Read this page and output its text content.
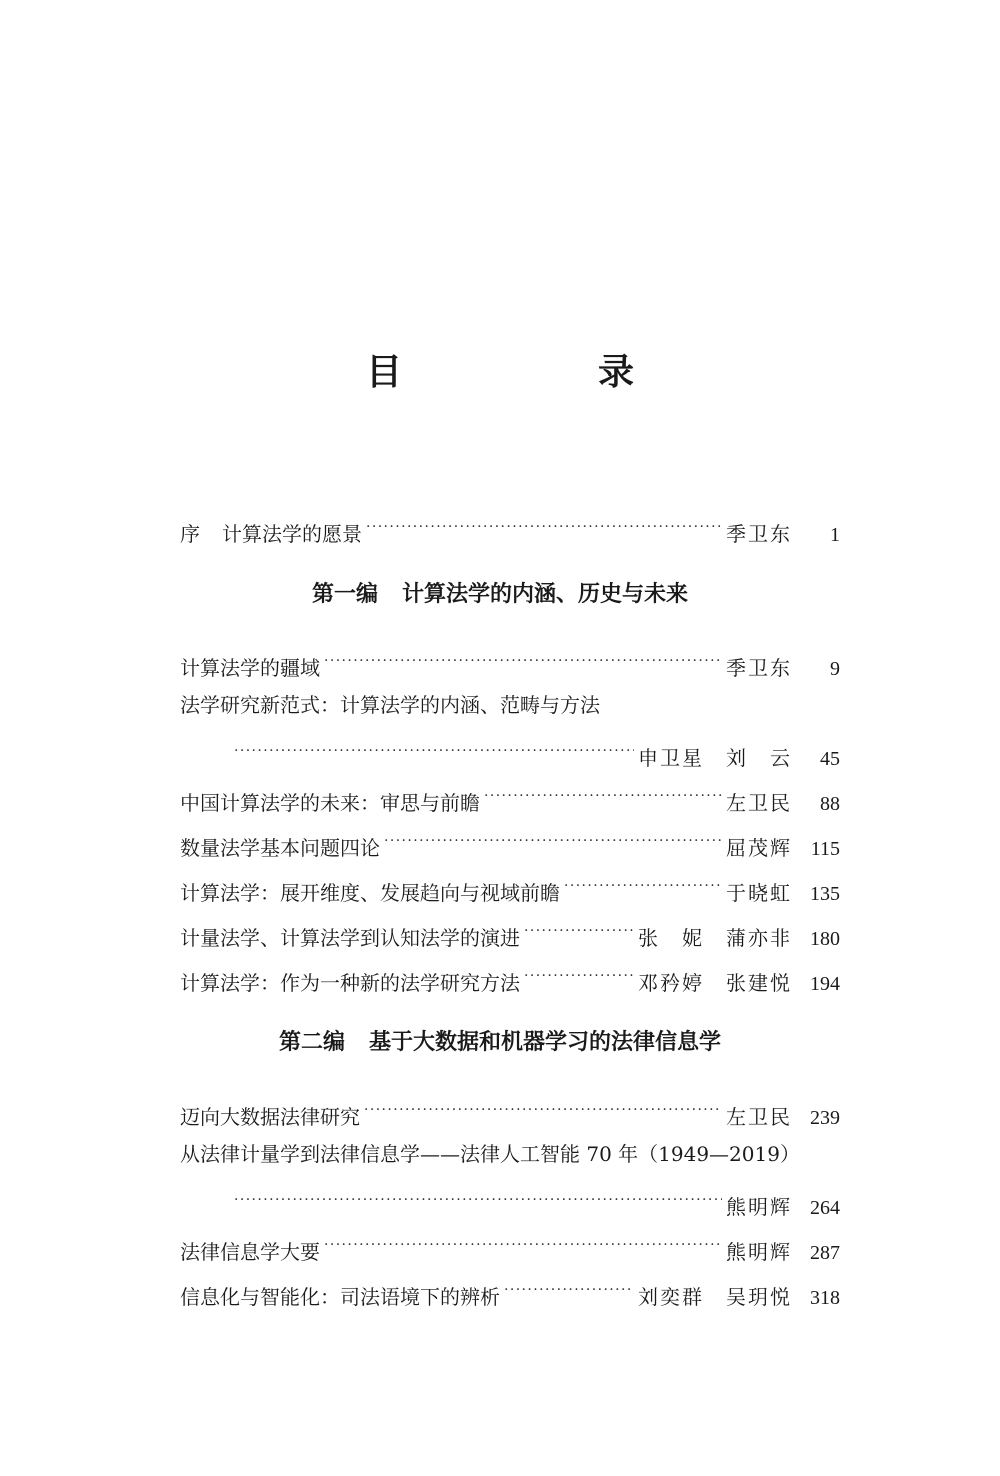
目　录
序 计算法学的愿景 ·····	季卫东	1
第一编 计算法学的内涵、历史与未来
计算法学的疆域 ·····	季卫东	9
法学研究新范式：计算法学的内涵、范畴与方法
·····
申卫星　刘　云	45
中国计算法学的未来：审思与前瞻 ·····	左卫民	88
数量法学基本问题四论 ·····	屈茂辉 115
计算法学：展开维度、发展趋向与视域前瞻 ·····	于晓虹 135
计量法学、计算法学到认知法学的演进 ·····	张　妮　蒲亦非 180
计算法学：作为一种新的法学研究方法 ·····	邓矜婷　张建悦 194
第二编 基于大数据和机器学习的法律信息学
迈向大数据法律研究 ·····	左卫民 239
从法律计量学到法律信息学——法律人工智能 70 年（1949—2019）
·····
熊明辉 264
法律信息学大要 ·····	熊明辉 287
信息化与智能化：司法语境下的辨析 ·····	刘奕群　吴玥悦 318
